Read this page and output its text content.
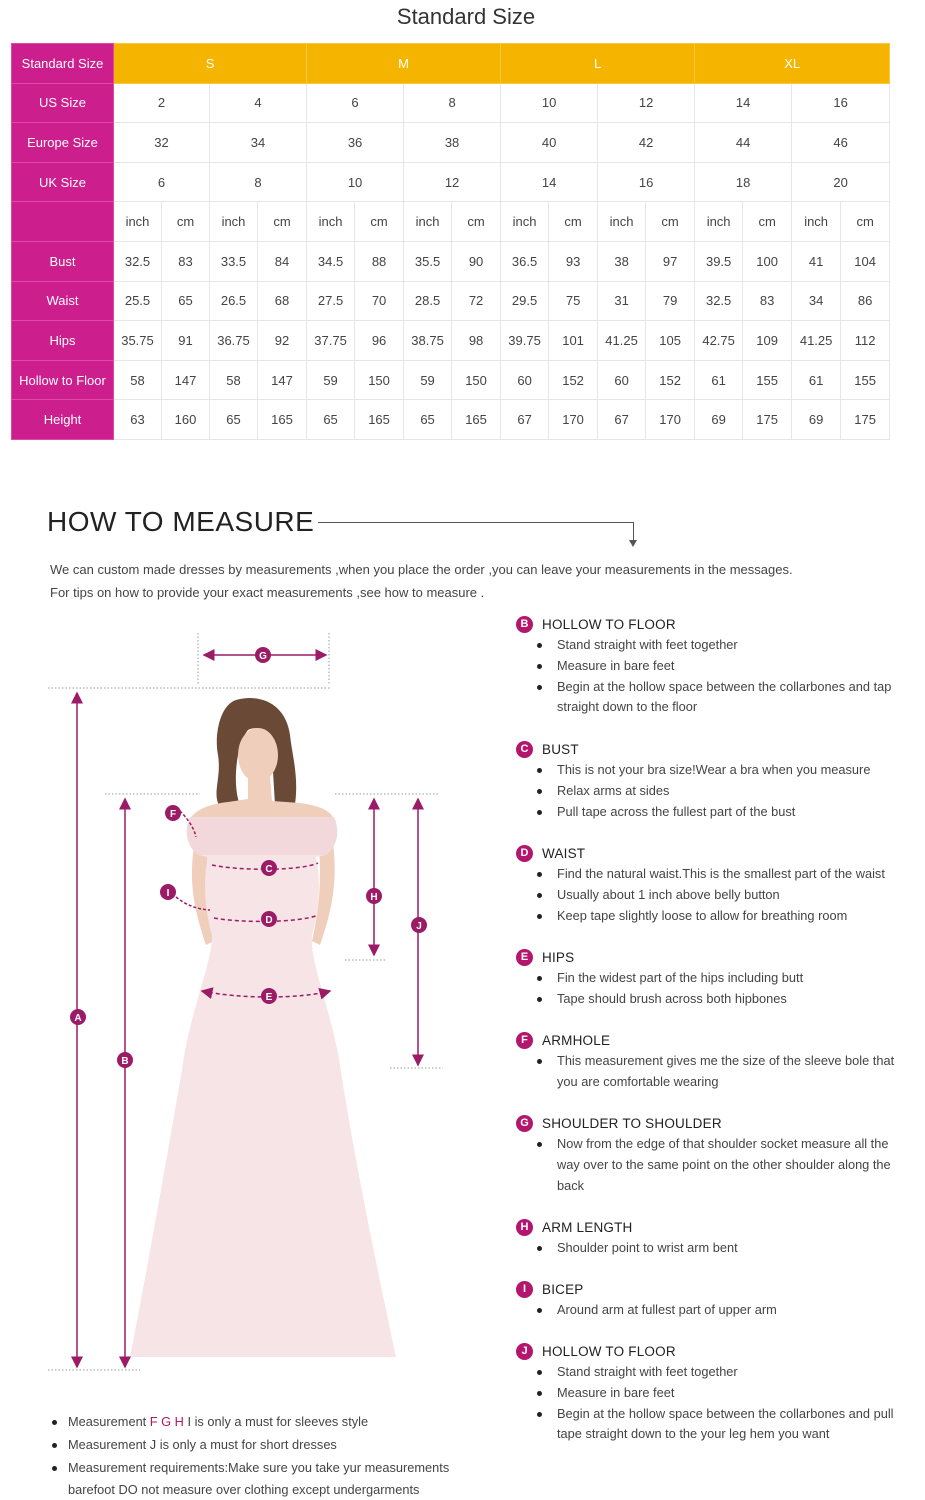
Standard Size
Standard Size	S				M				L				XL			
US Size	2		4		6		8		10		12		14		16	
Europe Size	32		34		36		38		40		42		44		46	
UK Size	6		8		10		12		14		16		18		20	
	inch	cm	inch	cm	inch	cm	inch	cm	inch	cm	inch	cm	inch	cm	inch	cm
Bust	32.5	83	33.5	84	34.5	88	35.5	90	36.5	93	38	97	39.5	100	41	104
Waist	25.5	65	26.5	68	27.5	70	28.5	72	29.5	75	31	79	32.5	83	34	86
Hips	35.75	91	36.75	92	37.75	96	38.75	98	39.75	101	41.25	105	42.75	109	41.25	112
Hollow to Floor	58	147	58	147	59	150	59	150	60	152	60	152	61	155	61	155
Height	63	160	65	165	65	165	65	165	67	170	67	170	69	175	69	175
HOW TO MEASURE
We can custom made dresses by measurements ,when you place the order ,you can leave your measurements in the messages.
For tips on how to provide your exact measurements ,see how to measure .
G
A
B
C
D
E
F
I	H
J
B	HOLLOW TO FLOOR
Stand straight with feet together
Measure in bare feet
Begin at the hollow space between the collarbones and tap straight down to the floor
C	BUST
This is not your bra size!Wear a bra when you measure
Relax arms at sides
Pull tape across the fullest part of the bust
D	WAIST
Find the natural waist.This is the smallest part of the waist
Usually about 1 inch above belly button
Keep tape slightly loose to allow for breathing room
E	HIPS
Fin the widest part of the hips including butt
Tape should brush across both hipbones
F	ARMHOLE
This measurement gives me the size of the sleeve bole that you are comfortable wearing
G SHOULDER TO SHOULDER
Now from the edge of that shoulder socket measure all the way over to the same point on the other shoulder along the back
H	ARM LENGTH
Shoulder point to wrist arm bent
I	BICEP
Around arm at fullest part of upper arm
J	HOLLOW TO FLOOR
Stand straight with feet together
Measure in bare feet
Begin at the hollow space between the collarbones and pull tape straight down to the your leg hem you want
Measurement F G H I is only a must for sleeves style
Measurement J is only a must for short dresses
Measurement requirements:Make sure you take yur measurements barefoot DO not measure over clothing except undergarments
